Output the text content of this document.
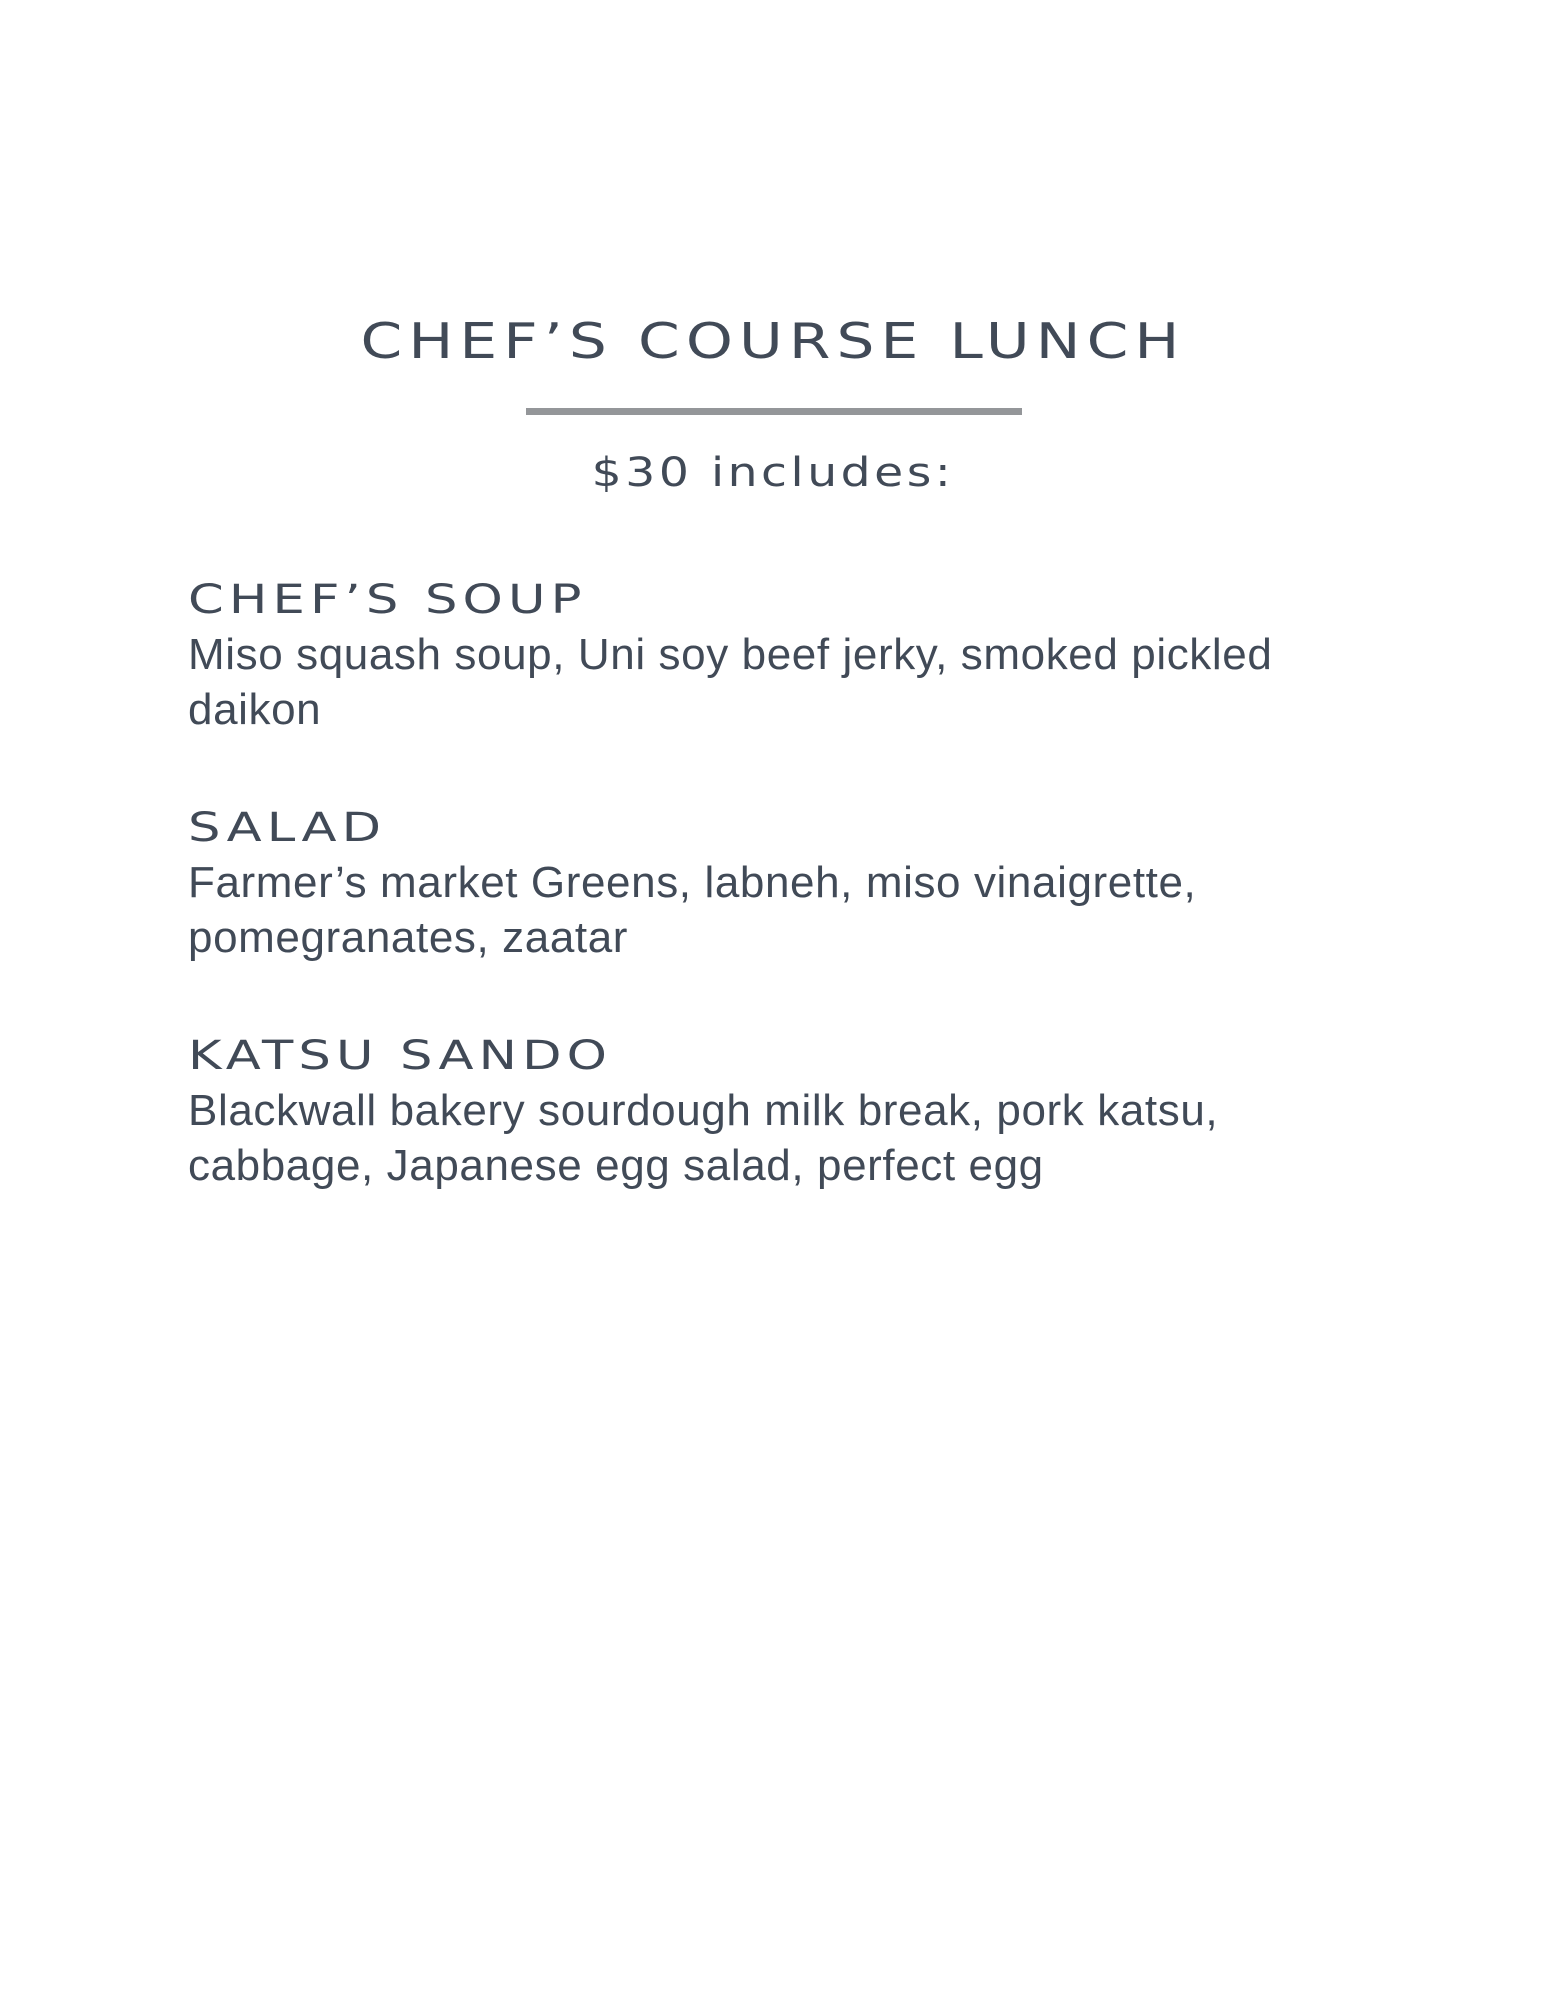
CHEF’S COURSE LUNCH

$30 includes:

CHEF’S SOUP

Miso squash soup, Uni soy beef jerky, smoked pickled daikon

SALAD

Farmer’s market Greens, labneh, miso vinaigrette, pomegranates, zaatar

KATSU SANDO

Blackwall bakery sourdough milk break, pork katsu, cabbage, Japanese egg salad, perfect egg
